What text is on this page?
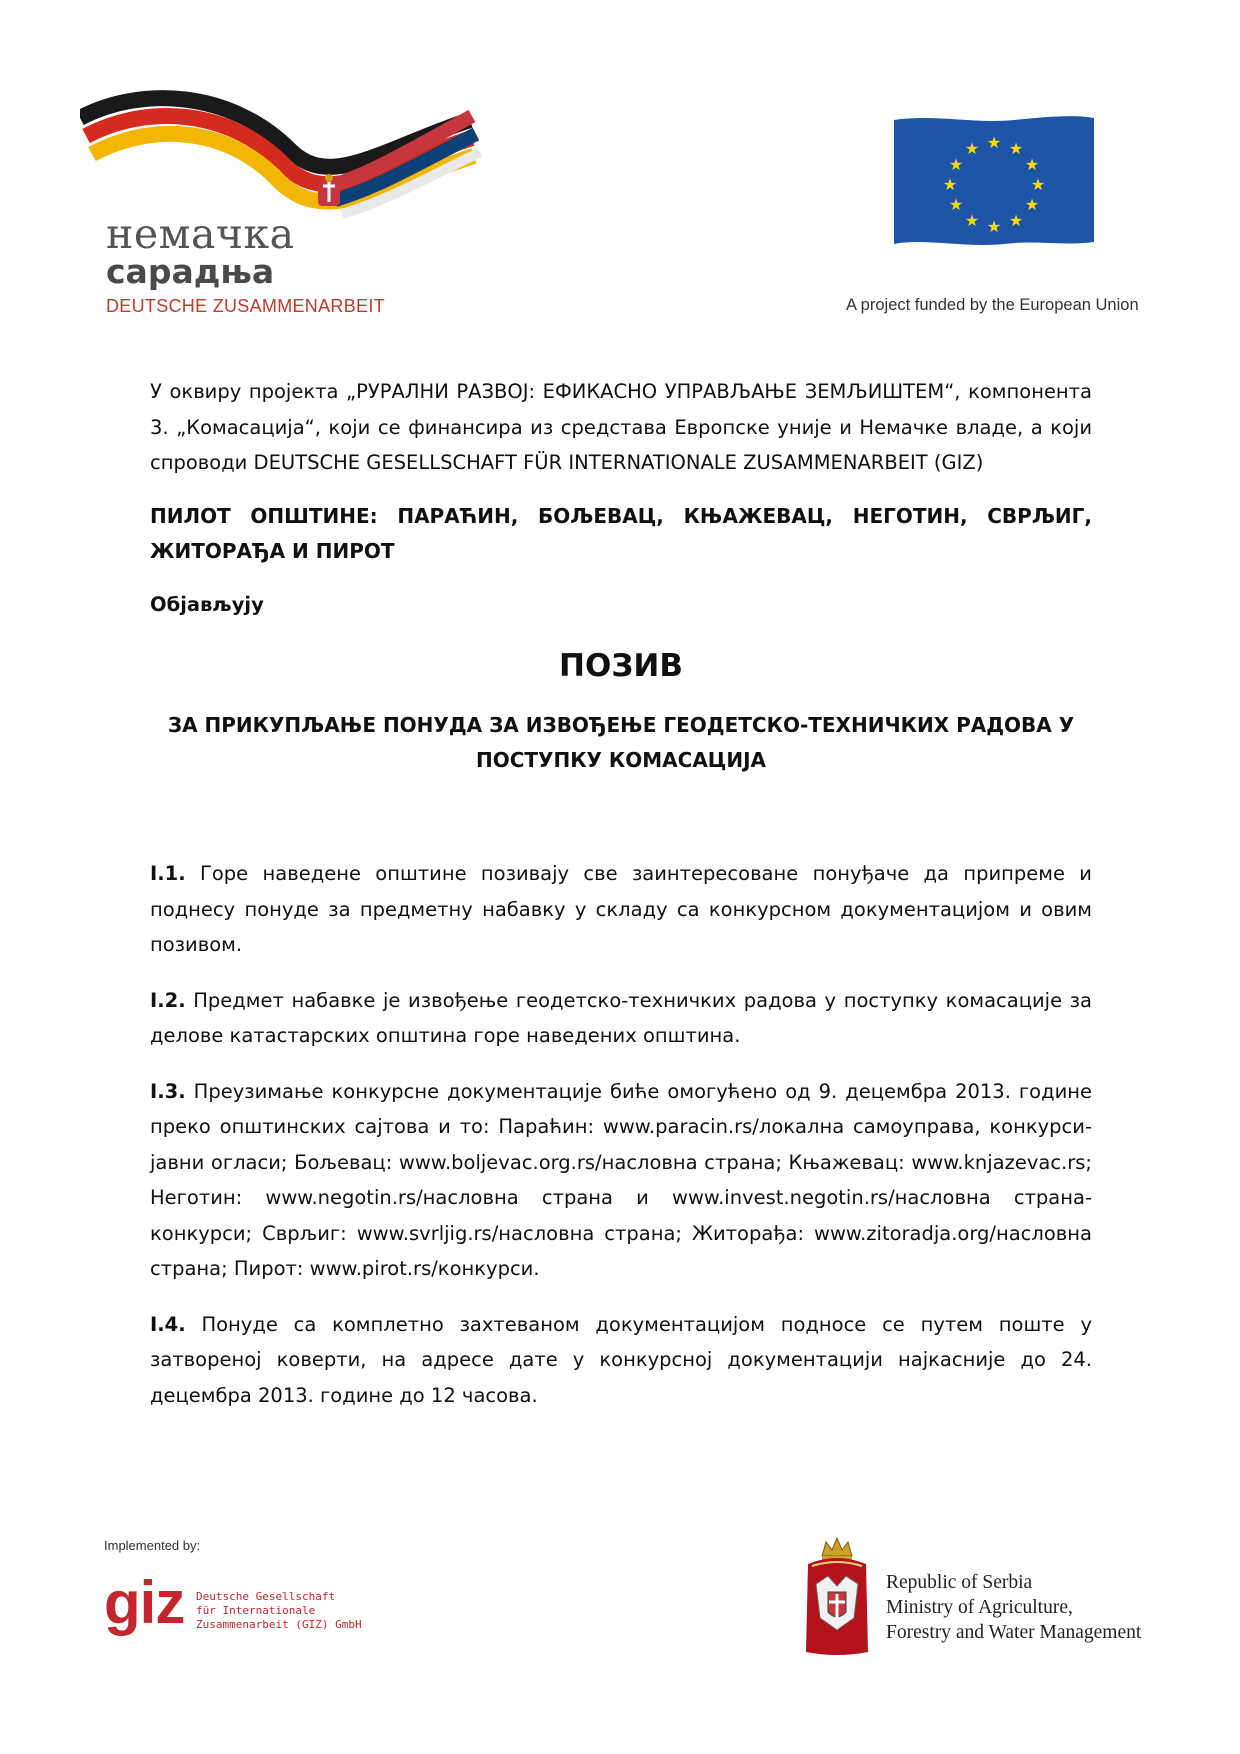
немачка
сарадња
DEUTSCHE ZUSAMMENARBEIT
★ ★
★
★
★
★
★
★
★
★
★
★
A project funded by the European Union

У оквиру пројекта „РУРАЛНИ РАЗВОЈ: ЕФИКАСНО УПРАВЉАЊЕ ЗЕМЉИШТЕМ“, компонента 3. „Комасација“, који се финансира из средстава Европске уније и Немачке владе, а који спроводи DEUTSCHE GESELLSCHAFT FÜR INTERNATIONALE ZUSAMMENARBEIT (GIZ)

ПИЛОТ ОПШТИНЕ: ПАРАЋИН, БОЉЕВАЦ, КЊАЖЕВАЦ, НЕГОТИН, СВРЉИГ, ЖИТОРАЂА И ПИРОТ

Објављују

ПОЗИВ
ЗА ПРИКУПЉАЊЕ ПОНУДА ЗА ИЗВОЂЕЊЕ ГЕОДЕТСКО-ТЕХНИЧКИХ РАДОВА У
ПОСТУПКУ КОМАСАЦИЈА

I.1. Горе наведене општине позивају све заинтересоване понуђаче да припреме и поднесу понуде за предметну набавку у складу са конкурсном документацијом и овим позивом.

I.2. Предмет набавке је извођење геодетско-техничких радова у поступку комасације за делове катастарских општина горе наведених општина.

I.3. Преузимање конкурсне документације биће омогућено од 9. децембра 2013. године преко општинских сајтова и то: Параћин: www.paracin.rs/локална самоуправа, конкурси-јавни огласи; Бољевац: www.boljevac.org.rs/насловна страна; Књажевац: www.knjazevac.rs; Неготин: www.negotin.rs/насловна страна и www.invest.negotin.rs/насловна страна-конкурси; Сврљиг: www.svrljig.rs/насловна страна; Житорађа: www.zitoradja.org/насловна страна; Пирот: www.pirot.rs/конкурси.

I.4. Понуде са комплетно захтеваном документацијом подносе се путем поште у затвореној коверти, на адресе дате у конкурсној документацији најкасније до 24. децембра 2013. године до 12 часова.

Implemented by:
giz Deutsche Gesellschaft
für Internationale
Zusammenarbeit (GIZ) GmbH
Republic of Serbia
Ministry of Agriculture,
Forestry and Water Management
